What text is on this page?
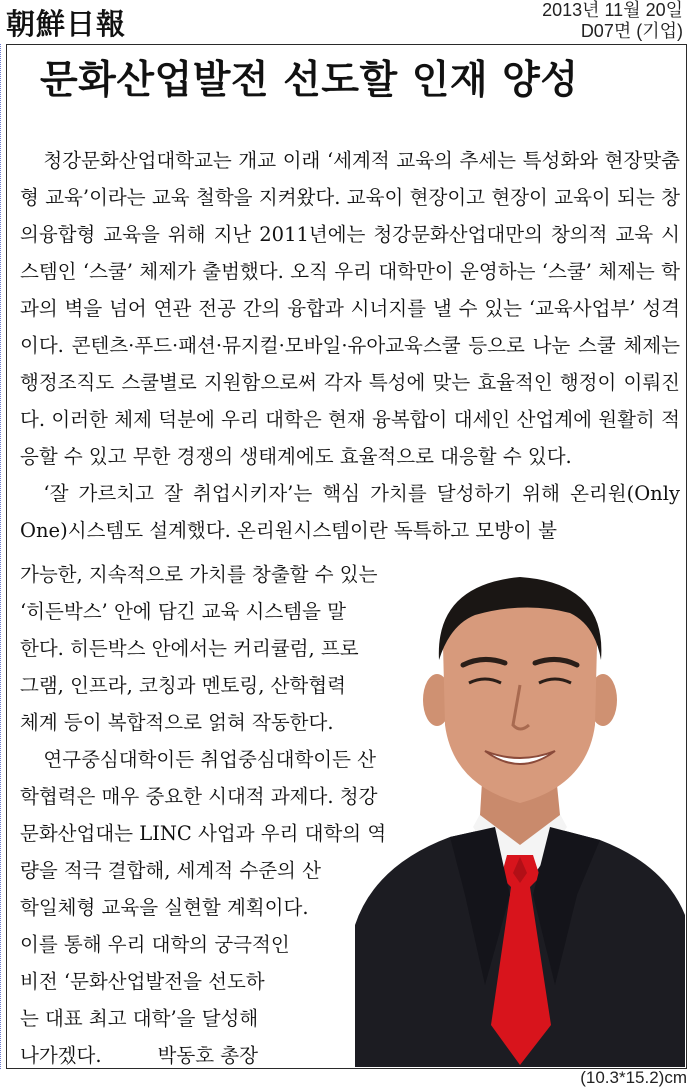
朝鮮日報	2013년 11월 20일
D07면 (기업)
문화산업발전 선도할 인재 양성

청강문화산업대학교는 개교 이래 ‘세계적 교육의 추세는 특성화와 현장맞춤형 교육’이라는 교육 철학을 지켜왔다. 교육이 현장이고 현장이 교육이 되는 창의융합형 교육을 위해 지난 2011년에는 청강문화산업대만의 창의적 교육 시스템인 ‘스쿨’ 체제가 출범했다. 오직 우리 대학만이 운영하는 ‘스쿨’ 체제는 학과의 벽을 넘어 연관 전공 간의 융합과 시너지를 낼 수 있는 ‘교육사업부’ 성격이다. 콘텐츠·푸드·패션·뮤지컬·모바일·유아교육스쿨 등으로 나눈 스쿨 체제는 행정조직도 스쿨별로 지원함으로써 각자 특성에 맞는 효율적인 행정이 이뤄진다. 이러한 체제 덕분에 우리 대학은 현재 융복합이 대세인 산업계에 원활히 적응할 수 있고 무한 경쟁의 생태계에도 효율적으로 대응할 수 있다.

‘잘 가르치고 잘 취업시키자’는 핵심 가치를 달성하기 위해 온리원(Only One)시스템도 설계했다. 온리원시스템이란 독특하고 모방이 불

가능한, 지속적으로 가치를 창출할 수 있는
‘히든박스’ 안에 담긴 교육 시스템을 말
한다. 히든박스 안에서는 커리큘럼, 프로
그램, 인프라, 코칭과 멘토링, 산학협력
체계 등이 복합적으로 얽혀 작동한다.
연구중심대학이든 취업중심대학이든 산
학협력은 매우 중요한 시대적 과제다. 청강
문화산업대는 LINC 사업과 우리 대학의 역
량을 적극 결합해, 세계적 수준의 산
학일체형 교육을 실현할 계획이다.
이를 통해 우리 대학의 궁극적인
비전 ‘문화산업발전을 선도하
는 대표 최고 대학’을 달성해
나가겠다.	박동호 총장
(10.3*15.2)cm
